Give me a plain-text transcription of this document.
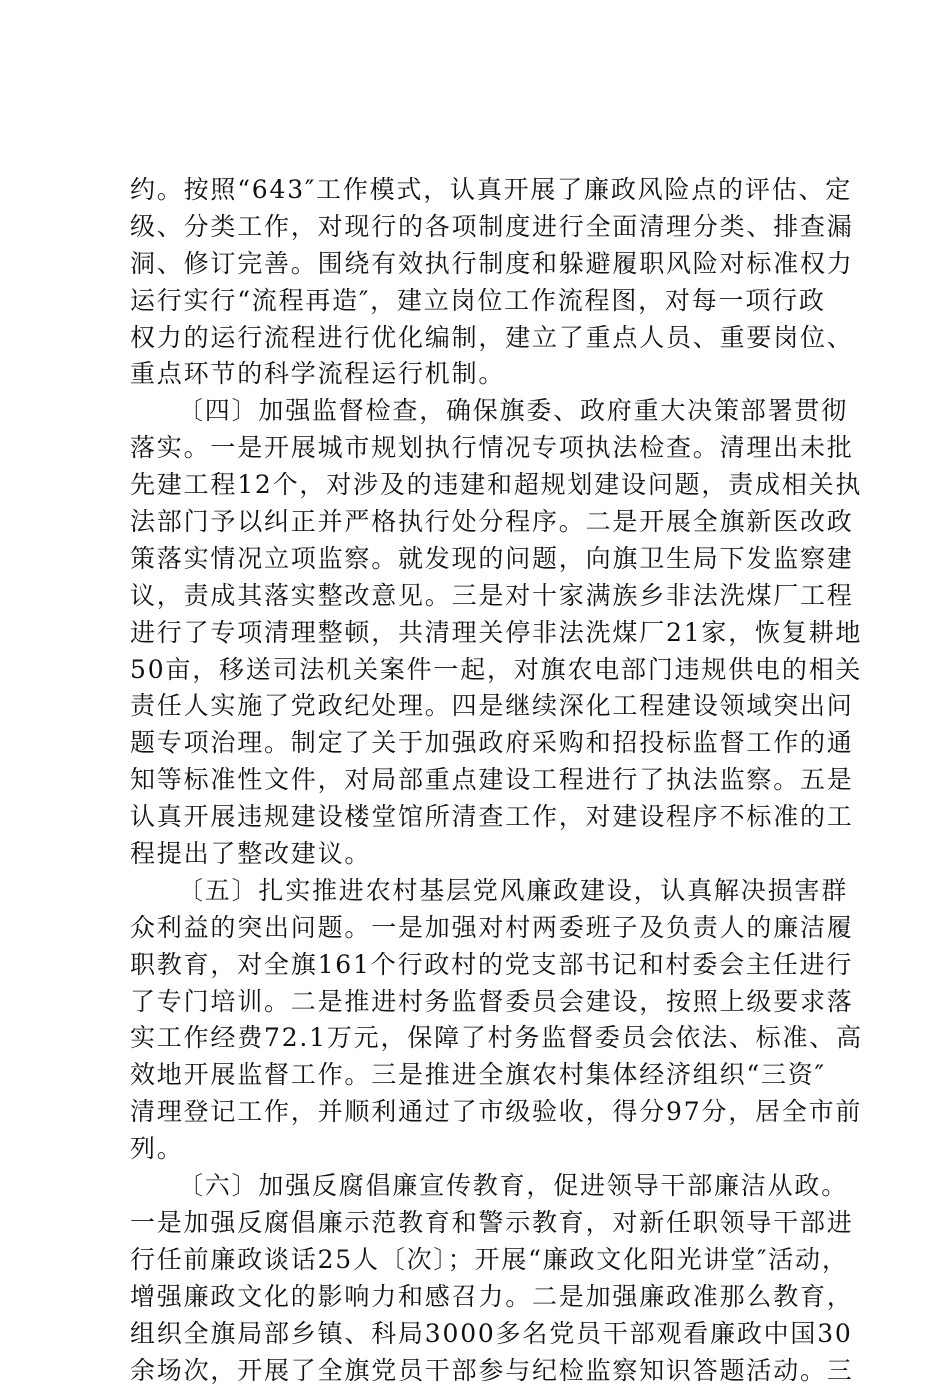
约。按照“643″工作模式，认真开展了廉政风险点的评估、定
级、分类工作，对现行的各项制度进行全面清理分类、排查漏
洞、修订完善。围绕有效执行制度和躲避履职风险对标准权力
运行实行“流程再造″，建立岗位工作流程图，对每一项行政
权力的运行流程进行优化编制，建立了重点人员、重要岗位、
重点环节的科学流程运行机制。

〔四〕加强监督检查，确保旗委、政府重大决策部署贯彻
落实。一是开展城市规划执行情况专项执法检查。清理出未批
先建工程12个，对涉及的违建和超规划建设问题，责成相关执
法部门予以纠正并严格执行处分程序。二是开展全旗新医改政
策落实情况立项监察。就发现的问题，向旗卫生局下发监察建
议，责成其落实整改意见。三是对十家满族乡非法洗煤厂工程
进行了专项清理整顿，共清理关停非法洗煤厂21家，恢复耕地
50亩，移送司法机关案件一起，对旗农电部门违规供电的相关
责任人实施了党政纪处理。四是继续深化工程建设领域突出问
题专项治理。制定了关于加强政府采购和招投标监督工作的通
知等标准性文件，对局部重点建设工程进行了执法监察。五是
认真开展违规建设楼堂馆所清查工作，对建设程序不标准的工
程提出了整改建议。

〔五〕扎实推进农村基层党风廉政建设，认真解决损害群
众利益的突出问题。一是加强对村两委班子及负责人的廉洁履
职教育，对全旗161个行政村的党支部书记和村委会主任进行
了专门培训。二是推进村务监督委员会建设，按照上级要求落
实工作经费72.1万元，保障了村务监督委员会依法、标准、高
效地开展监督工作。三是推进全旗农村集体经济组织“三资″
清理登记工作，并顺利通过了市级验收，得分97分，居全市前
列。

〔六〕加强反腐倡廉宣传教育，促进领导干部廉洁从政。
一是加强反腐倡廉示范教育和警示教育，对新任职领导干部进
行任前廉政谈话25人〔次〕；开展“廉政文化阳光讲堂″活动，
增强廉政文化的影响力和感召力。二是加强廉政准那么教育，
组织全旗局部乡镇、科局3000多名党员干部观看廉政中国30
余场次，开展了全旗党员干部参与纪检监察知识答题活动。三
